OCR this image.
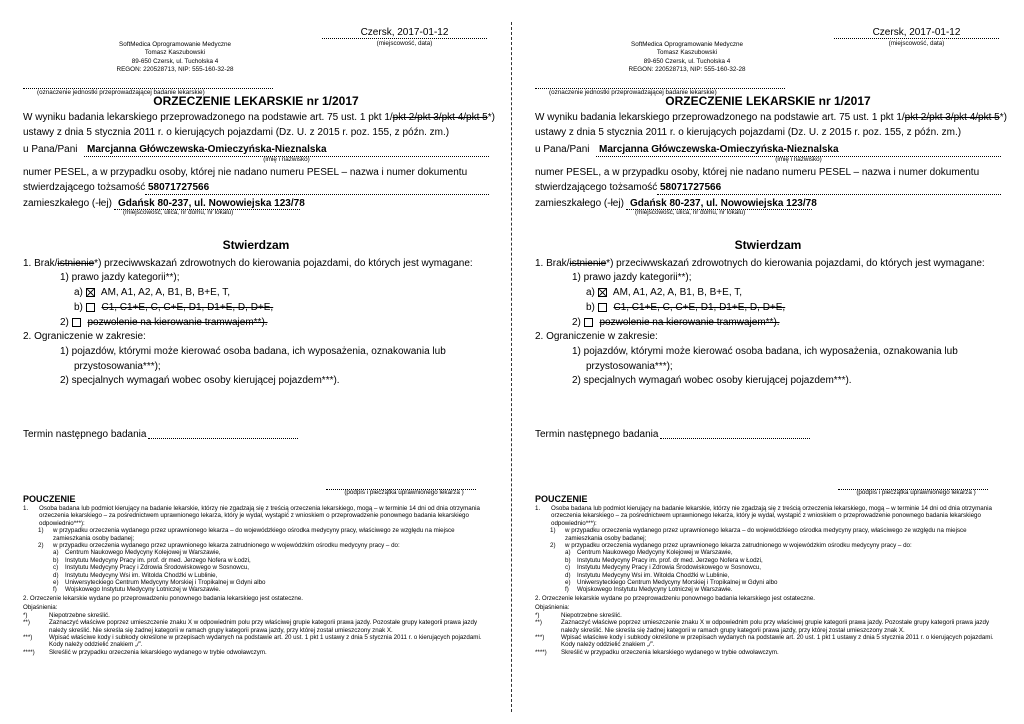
Czersk, 2017-01-12
(miejscowość, data)
SoftMedica Oprogramowanie Medyczne
Tomasz Kaszubowski
89-650 Czersk, ul. Tucholska 4
REGON: 220528713, NIP: 555-160-32-28
(oznaczenie jednostki przeprowadzającej badanie lekarskie)
ORZECZENIE LEKARSKIE nr 1/2017
W wyniku badania lekarskiego przeprowadzonego na podstawie art. 75 ust. 1 pkt 1/pkt 2/pkt 3/pkt 4/pkt 5*)
ustawy z dnia 5 stycznia 2011 r. o kierujących pojazdami (Dz. U. z 2015 r. poz. 155, z późn. zm.)
u Pana/Pani Marcjanna Główczewska-Omieczyńska-Nieznalska
(imię i nazwisko)
numer PESEL, a w przypadku osoby, której nie nadano numeru PESEL – nazwa i numer dokumentu
stwierdzającego tożsamość 58071727566
zamieszkałego (-łej) Gdańsk 80-237, ul. Nowowiejska 123/78
(miejscowość, ulica, nr domu, nr lokalu)
Stwierdzam
1. Brak/istnienie*) przeciwwskazań zdrowotnych do kierowania pojazdami, do których jest wymagane:
1) prawo jazdy kategorii**);
a) AM, A1, A2, A, B1, B, B+E, T,
b) C1, C1+E, C, C+E, D1, D1+E, D, D+E,
2) pozwolenie na kierowanie tramwajem**).
2. Ograniczenie w zakresie:
1) pojazdów, którymi może kierować osoba badana, ich wyposażenia, oznakowania lub
przystosowania***);
2) specjalnych wymagań wobec osoby kierującej pojazdem***).
Termin następnego badania
(podpis i pieczątka uprawnionego lekarza )
POUCZENIE
1. Osoba badana lub podmiot kierujący na badanie lekarskie, którzy nie zgadzają się z treścią orzeczenia lekarskiego, mogą – w terminie 14 dni od dnia otrzymania orzeczenia lekarskiego – za pośrednictwem uprawnionego lekarza, który je wydał, wystąpić z wnioskiem o przeprowadzenie ponownego badania lekarskiego odpowiednio***):
1) w przypadku orzeczenia wydanego przez uprawnionego lekarza – do wojewódzkiego ośrodka medycyny pracy, właściwego ze względu na miejsce zamieszkania osoby badanej;
2) w przypadku orzeczenia wydanego przez uprawnionego lekarza zatrudnionego w wojewódzkim ośrodku medycyny pracy – do:
a) Centrum Naukowego Medycyny Kolejowej w Warszawie,
b) Instytutu Medycyny Pracy im. prof. dr med. Jerzego Nofera w Łodzi,
c) Instytutu Medycyny Pracy i Zdrowia Środowiskowego w Sosnowcu,
d) Instytutu Medycyny Wsi im. Witolda Chodźki w Lublinie,
e) Uniwersyteckiego Centrum Medycyny Morskiej i Tropikalnej w Gdyni albo
f) Wojskowego Instytutu Medycyny Lotniczej w Warszawie.
2. Orzeczenie lekarskie wydane po przeprowadzeniu ponownego badania lekarskiego jest ostateczne.
Objaśnienia:
*)	Niepotrzebne skreślić.
**)	Zaznaczyć właściwe poprzez umieszczenie znaku X w odpowiednim polu przy właściwej grupie kategorii prawa jazdy. Pozostałe grupy kategorii prawa jazdy należy skreślić. Nie skreśla się żadnej kategorii w ramach grupy kategorii prawa jazdy, przy której został umieszczony znak X.
***)	Wpisać właściwe kody i subkody określone w przepisach wydanych na podstawie art. 20 ust. 1 pkt 1 ustawy z dnia 5 stycznia 2011 r. o kierujących pojazdami. Kody należy oddzielić znakiem „/”.
****) Skreślić w przypadku orzeczenia lekarskiego wydanego w trybie odwoławczym.
Czersk, 2017-01-12
(miejscowość, data)
SoftMedica Oprogramowanie Medyczne
Tomasz Kaszubowski
89-650 Czersk, ul. Tucholska 4
REGON: 220528713, NIP: 555-160-32-28
(oznaczenie jednostki przeprowadzającej badanie lekarskie)
ORZECZENIE LEKARSKIE nr 1/2017
W wyniku badania lekarskiego przeprowadzonego na podstawie art. 75 ust. 1 pkt 1/pkt 2/pkt 3/pkt 4/pkt 5*)
ustawy z dnia 5 stycznia 2011 r. o kierujących pojazdami (Dz. U. z 2015 r. poz. 155, z późn. zm.)
u Pana/Pani Marcjanna Główczewska-Omieczyńska-Nieznalska
(imię i nazwisko)
numer PESEL, a w przypadku osoby, której nie nadano numeru PESEL – nazwa i numer dokumentu
stwierdzającego tożsamość 58071727566
zamieszkałego (-łej) Gdańsk 80-237, ul. Nowowiejska 123/78
(miejscowość, ulica, nr domu, nr lokalu)
Stwierdzam
1. Brak/istnienie*) przeciwwskazań zdrowotnych do kierowania pojazdami, do których jest wymagane:
1) prawo jazdy kategorii**);
a) AM, A1, A2, A, B1, B, B+E, T,
b) C1, C1+E, C, C+E, D1, D1+E, D, D+E,
2) pozwolenie na kierowanie tramwajem**).
2. Ograniczenie w zakresie:
1) pojazdów, którymi może kierować osoba badana, ich wyposażenia, oznakowania lub
przystosowania***);
2) specjalnych wymagań wobec osoby kierującej pojazdem***).
Termin następnego badania
(podpis i pieczątka uprawnionego lekarza )
POUCZENIE
1. Osoba badana lub podmiot kierujący na badanie lekarskie, którzy nie zgadzają się z treścią orzeczenia lekarskiego, mogą – w terminie 14 dni od dnia otrzymania orzeczenia lekarskiego – za pośrednictwem uprawnionego lekarza, który je wydał, wystąpić z wnioskiem o przeprowadzenie ponownego badania lekarskiego odpowiednio***):
1) w przypadku orzeczenia wydanego przez uprawnionego lekarza – do wojewódzkiego ośrodka medycyny pracy, właściwego ze względu na miejsce zamieszkania osoby badanej;
2) w przypadku orzeczenia wydanego przez uprawnionego lekarza zatrudnionego w wojewódzkim ośrodku medycyny pracy – do:
a) Centrum Naukowego Medycyny Kolejowej w Warszawie,
b) Instytutu Medycyny Pracy im. prof. dr med. Jerzego Nofera w Łodzi,
c) Instytutu Medycyny Pracy i Zdrowia Środowiskowego w Sosnowcu,
d) Instytutu Medycyny Wsi im. Witolda Chodźki w Lublinie,
e) Uniwersyteckiego Centrum Medycyny Morskiej i Tropikalnej w Gdyni albo
f) Wojskowego Instytutu Medycyny Lotniczej w Warszawie.
2. Orzeczenie lekarskie wydane po przeprowadzeniu ponownego badania lekarskiego jest ostateczne.
Objaśnienia:
*)	Niepotrzebne skreślić.
**)	Zaznaczyć właściwe poprzez umieszczenie znaku X w odpowiednim polu przy właściwej grupie kategorii prawa jazdy. Pozostałe grupy kategorii prawa jazdy należy skreślić. Nie skreśla się żadnej kategorii w ramach grupy kategorii prawa jazdy, przy której został umieszczony znak X.
***)	Wpisać właściwe kody i subkody określone w przepisach wydanych na podstawie art. 20 ust. 1 pkt 1 ustawy z dnia 5 stycznia 2011 r. o kierujących pojazdami. Kody należy oddzielić znakiem „/”.
****) Skreślić w przypadku orzeczenia lekarskiego wydanego w trybie odwoławczym.
